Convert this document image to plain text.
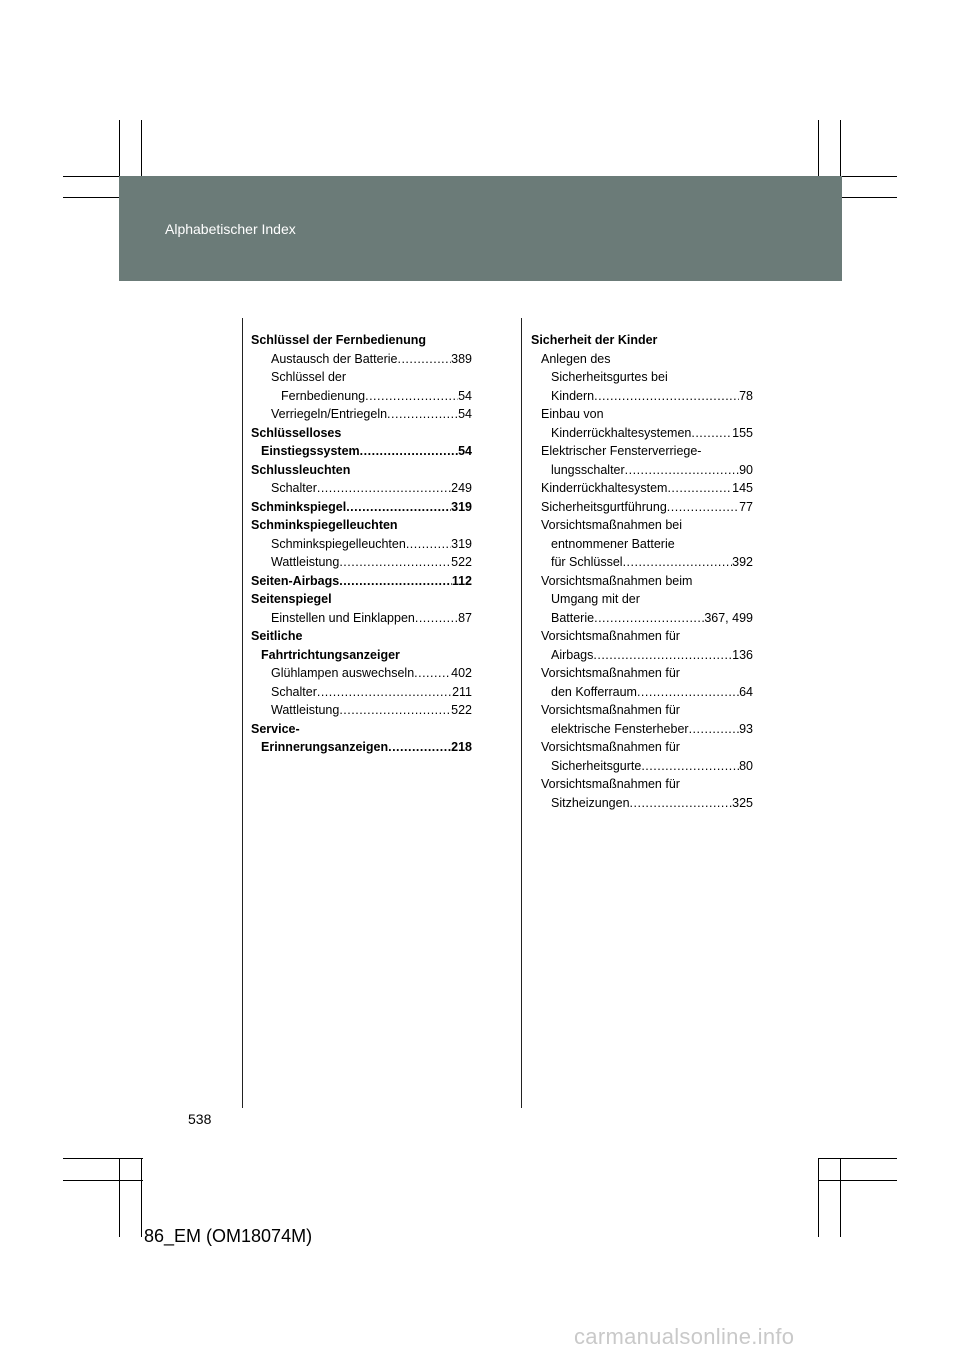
Alphabetischer Index
Schlüssel der Fernbedienung
Austausch der Batterie .....	389
Schlüssel der
Fernbedienung .....	54
Verriegeln/Entriegeln .....	54
Schlüsselloses
Einstiegssystem .....	54
Schlussleuchten
Schalter .....	249
Schminkspiegel .....	319
Schminkspiegelleuchten
Schminkspiegelleuchten .....	319
Wattleistung .....	522
Seiten-Airbags .....	112
Seitenspiegel
Einstellen und Einklappen .....	87
Seitliche
Fahrtrichtungsanzeiger
Glühlampen auswechseln .....	402
Schalter .....	211
Wattleistung .....	522
Service-
Erinnerungsanzeigen .....	218
Sicherheit der Kinder
Anlegen des
Sicherheitsgurtes bei
Kindern .....	78
Einbau von
Kinderrückhaltesystemen .....	155
Elektrischer Fensterverriege-
lungsschalter .....	90
Kinderrückhaltesystem .....	145
Sicherheitsgurtführung .....	77
Vorsichtsmaßnahmen bei
entnommener Batterie
für Schlüssel .....	392
Vorsichtsmaßnahmen beim
Umgang mit der
Batterie .....	367, 499
Vorsichtsmaßnahmen für
Airbags .....	136
Vorsichtsmaßnahmen für
den Kofferraum .....	64
Vorsichtsmaßnahmen für
elektrische Fensterheber .....	93
Vorsichtsmaßnahmen für
Sicherheitsgurte .....	80
Vorsichtsmaßnahmen für
Sitzheizungen .....	325
538
86_EM (OM18074M)
carmanualsonline.info
